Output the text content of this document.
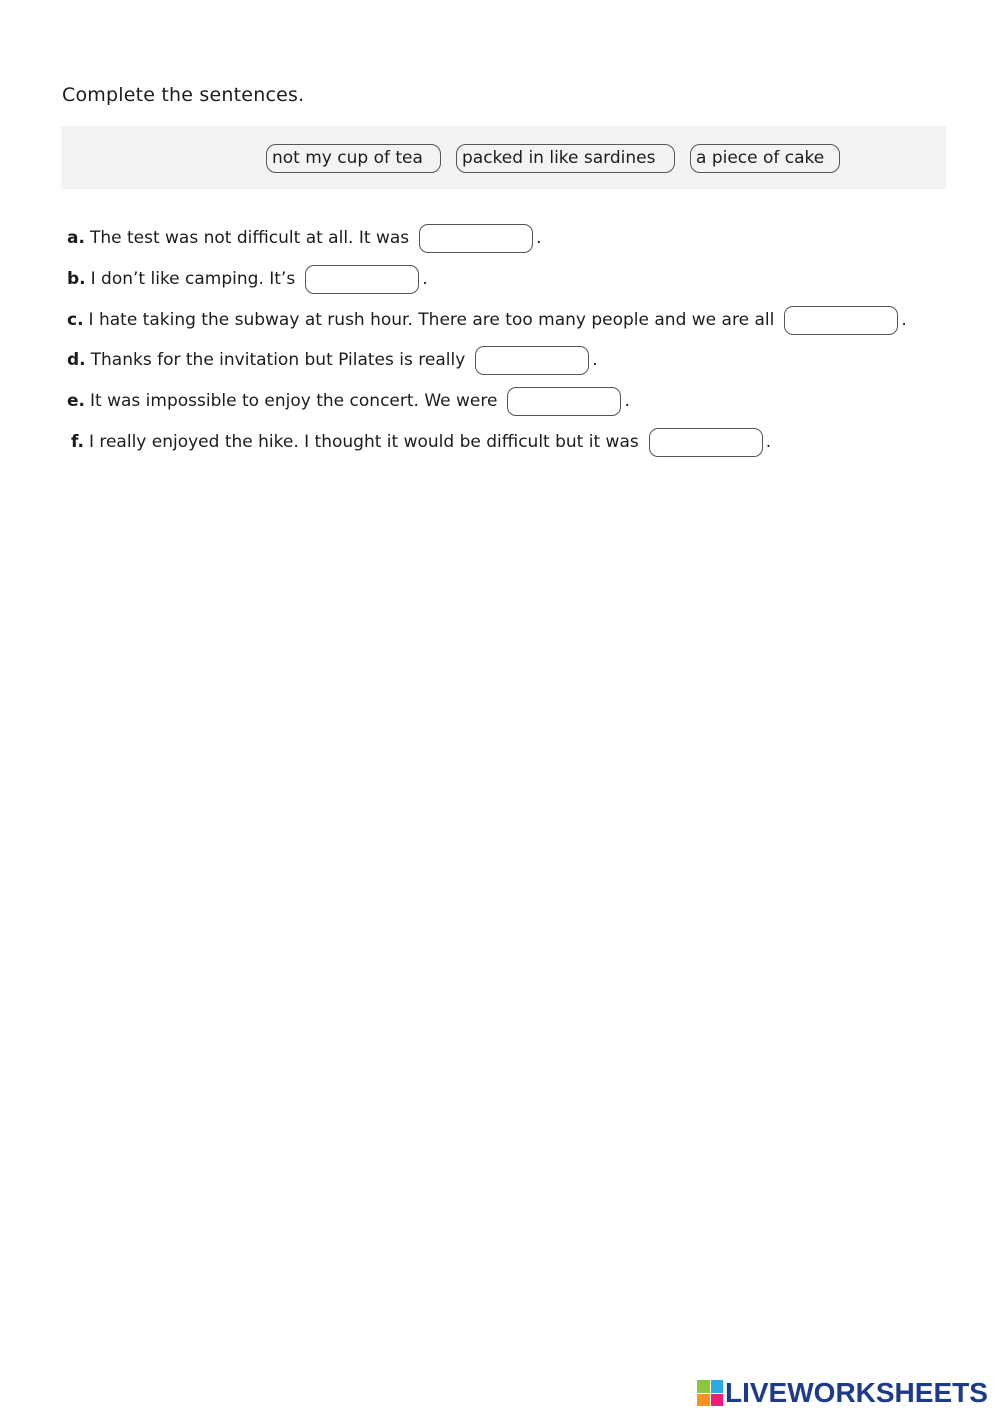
Complete the sentences.
not my cup of tea	packed in like sardines	a piece of cake
a. The test was not difficult at all. It was	.
b. I don’t like camping. It’s	.
c. I hate taking the subway at rush hour. There are too many people and we are all	.
d. Thanks for the invitation but Pilates is really	.
e. It was impossible to enjoy the concert. We were	.
f. I really enjoyed the hike. I thought it would be difficult but it was	.
LIVEWORKSHEETS
